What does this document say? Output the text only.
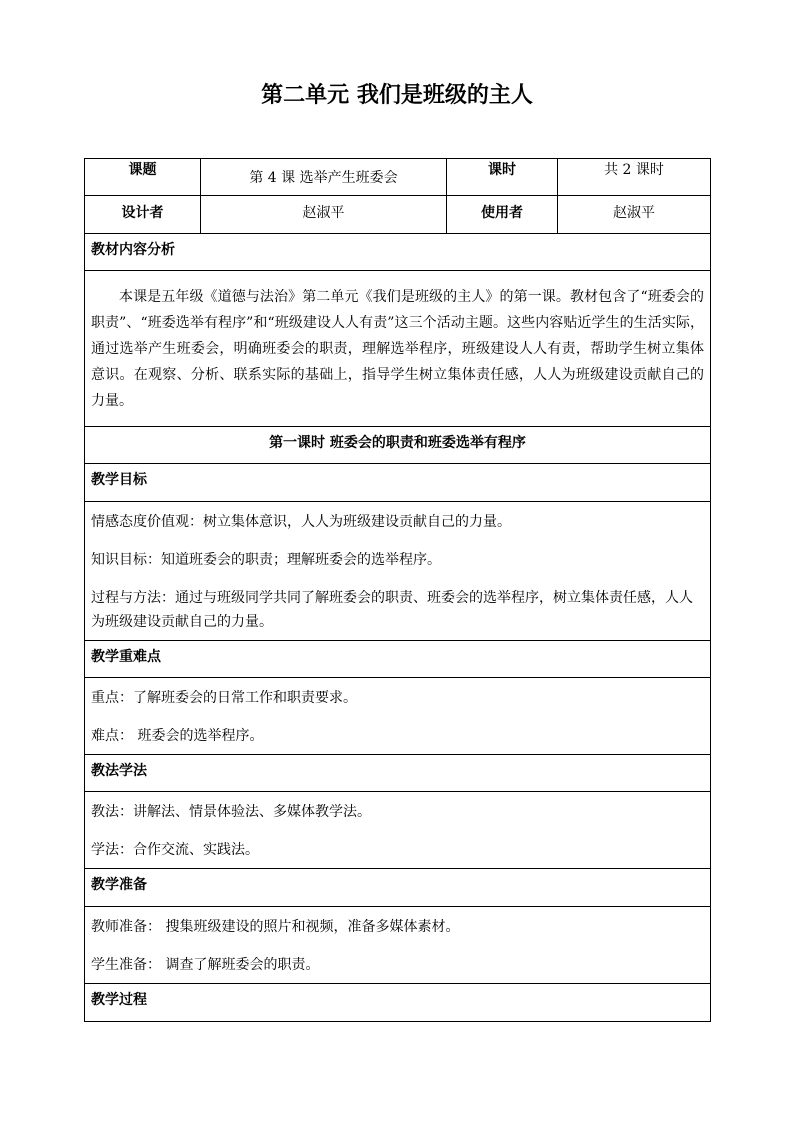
第二单元 我们是班级的主人
课题	第 4 课 选举产生班委会	课时	共 2 课时
设计者	赵淑平	使用者	赵淑平
教材内容分析			
本课是五年级《道德与法治》第二单元《我们是班级的主人》的第一课。教材包含了“班委会的职责”、“班委选举有程序”和“班级建设人人有责”这三个活动主题。这些内容贴近学生的生活实际，通过选举产生班委会，明确班委会的职责，理解选举程序，班级建设人人有责，帮助学生树立集体意识。在观察、分析、联系实际的基础上，指导学生树立集体责任感，人人为班级建设贡献自己的力量。			
第一课时 班委会的职责和班委选举有程序			
教学目标			

情感态度价值观：树立集体意识，人人为班级建设贡献自己的力量。

知识目标：知道班委会的职责；理解班委会的选举程序。

过程与方法：通过与班级同学共同了解班委会的职责、班委会的选举程序，树立集体责任感，人人为班级建设贡献自己的力量。			

教学重难点			

重点：了解班委会的日常工作和职责要求。

难点： 班委会的选举程序。			

教法学法			

教法：讲解法、情景体验法、多媒体教学法。

学法：合作交流、实践法。			

教学准备			

教师准备： 搜集班级建设的照片和视频，准备多媒体素材。

学生准备： 调查了解班委会的职责。			

教学过程			
